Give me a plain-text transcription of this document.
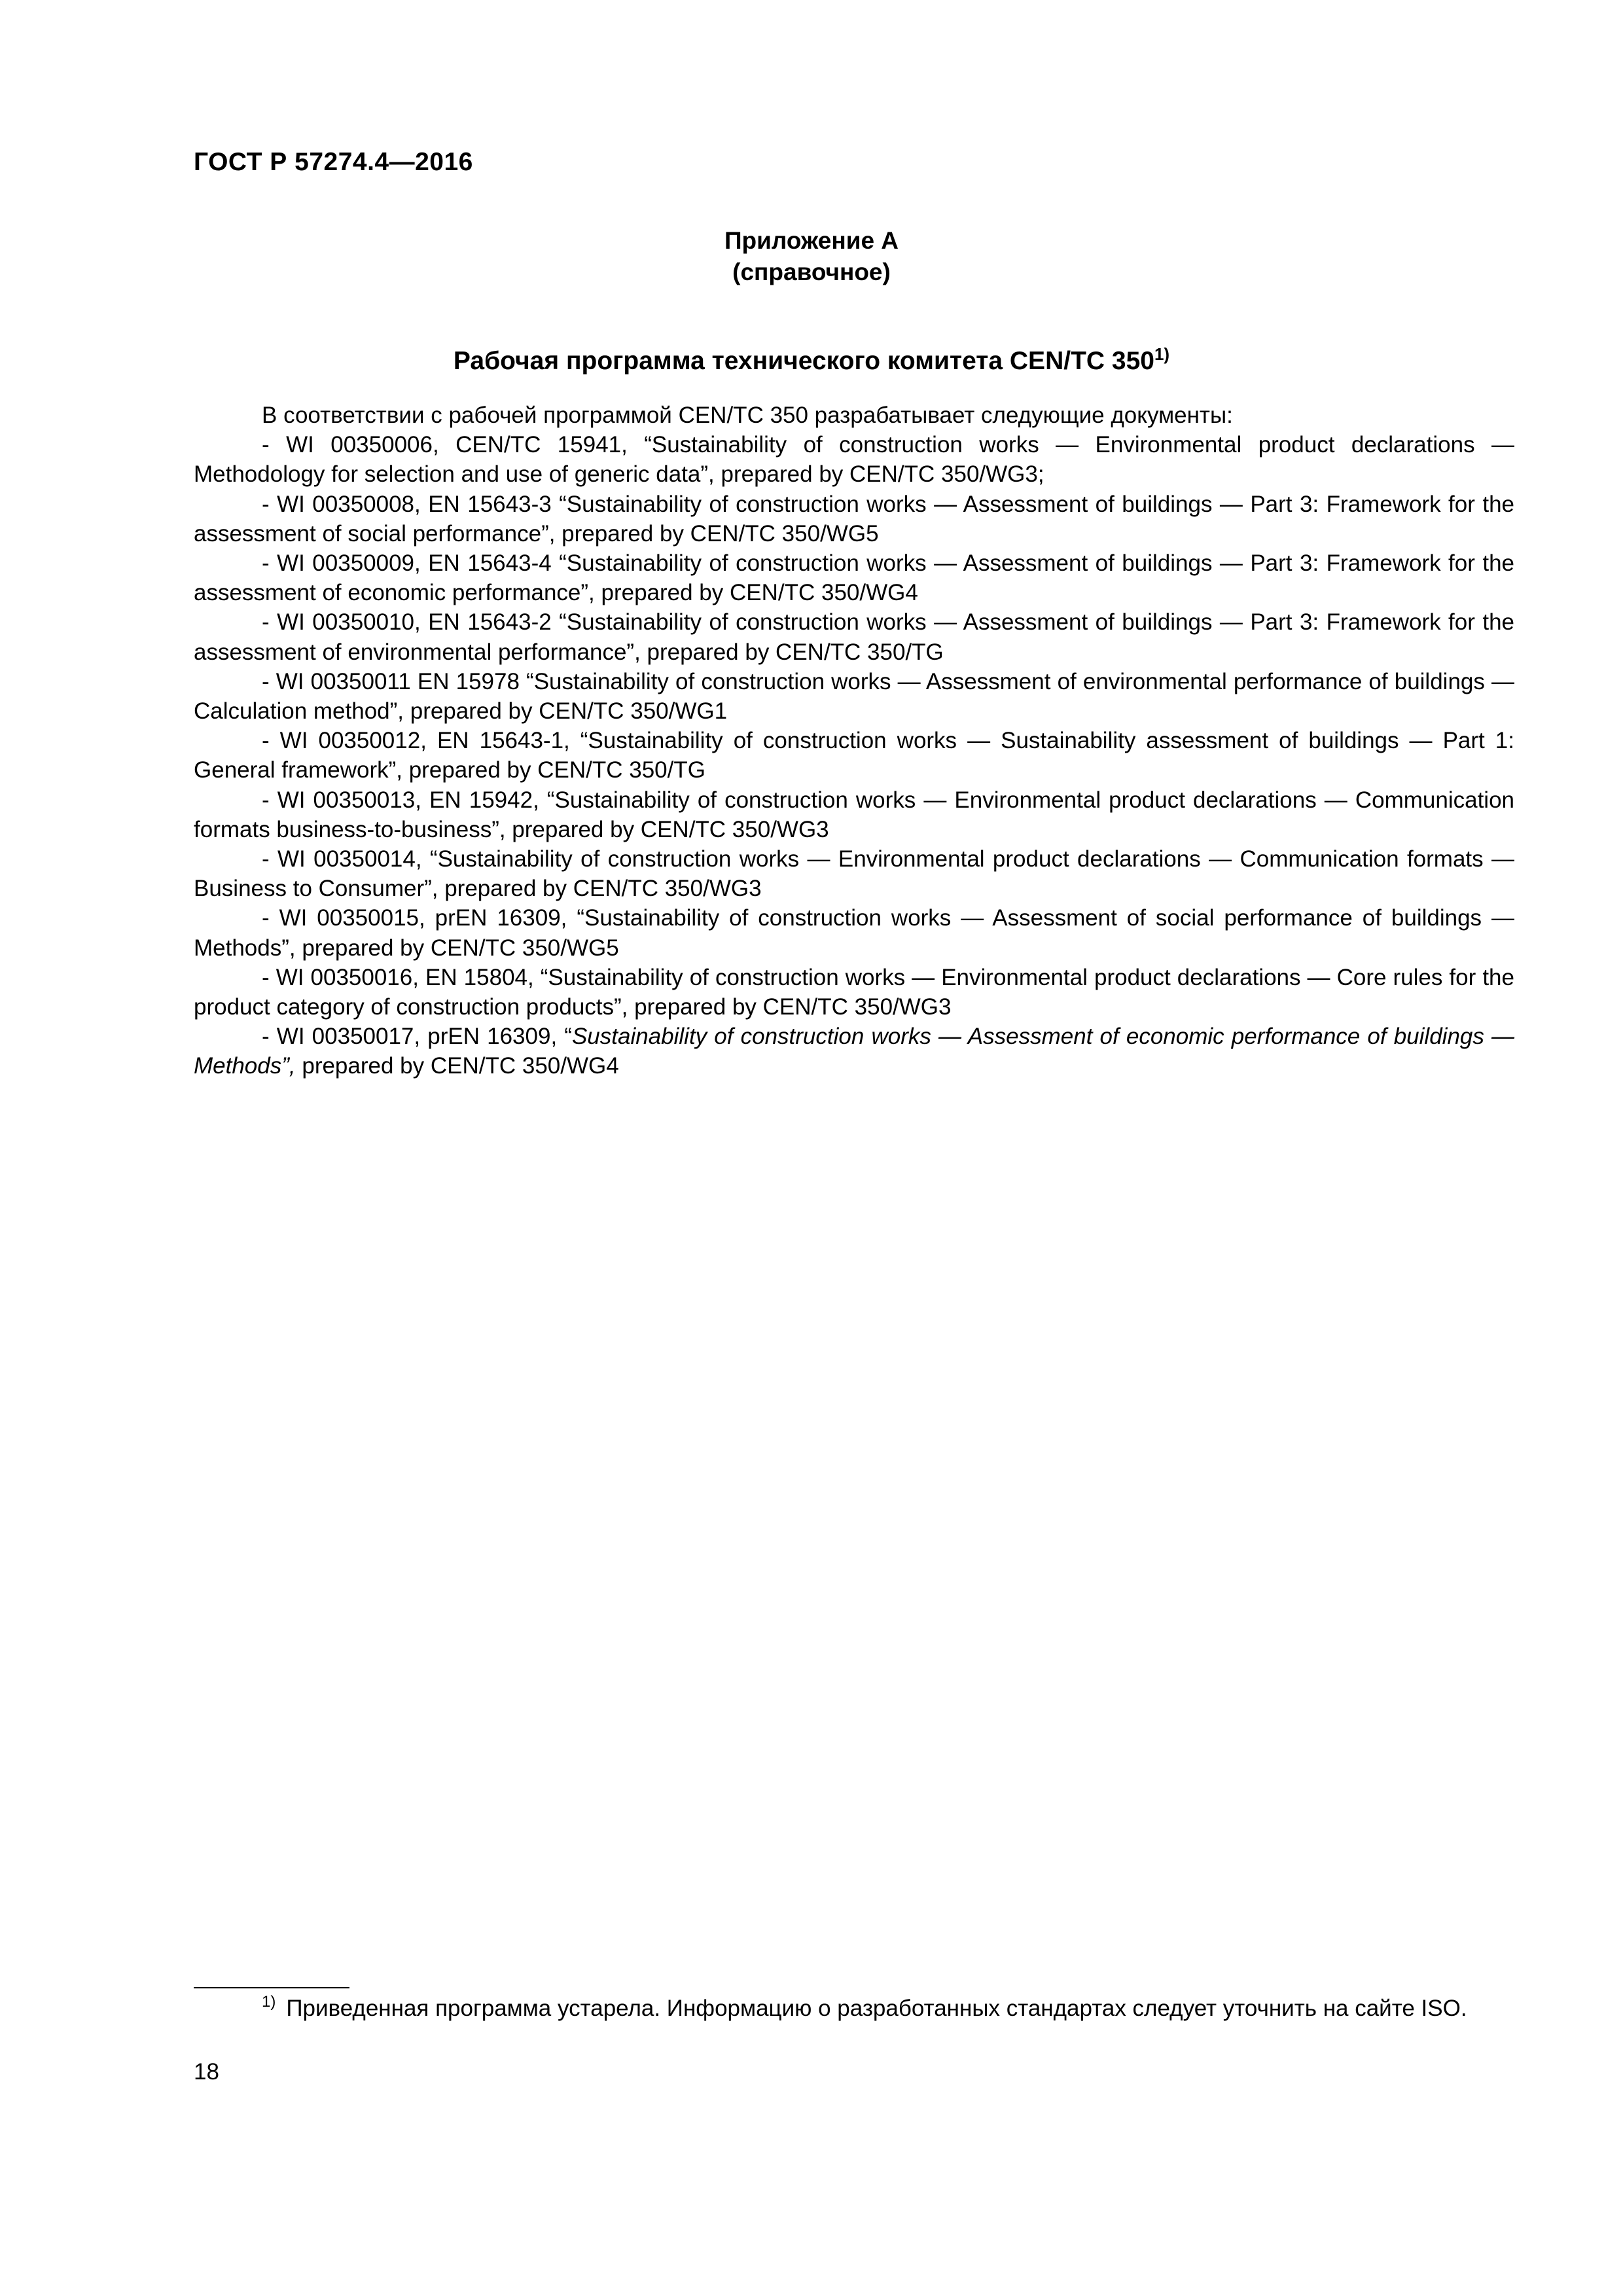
ГОСТ Р 57274.4—2016
Приложение А
(справочное)
Рабочая программа технического комитета CEN/TC 350$^{1)}$

В соответствии с рабочей программой CEN/TC 350 разрабатывает следующие документы:

- WI 00350006, CEN/TC 15941, “Sustainability of construction works — Environmental product declarations — Methodology for selection and use of generic data”, prepared by CEN/TC 350/WG3;

- WI 00350008, EN 15643-3 “Sustainability of construction works — Assessment of buildings — Part 3: Framework for the assessment of social performance”, prepared by CEN/TC 350/WG5

- WI 00350009, EN 15643-4 “Sustainability of construction works — Assessment of buildings — Part 3: Framework for the assessment of economic performance”, prepared by CEN/TC 350/WG4

- WI 00350010, EN 15643-2 “Sustainability of construction works — Assessment of buildings — Part 3: Framework for the assessment of environmental performance”, prepared by CEN/TC 350/TG

- WI 00350011 EN 15978 “Sustainability of construction works — Assessment of environmental performance of buildings — Calculation method”, prepared by CEN/TC 350/WG1

- WI 00350012, EN 15643-1, “Sustainability of construction works — Sustainability assessment of buildings — Part 1: General framework”, prepared by CEN/TC 350/TG

- WI 00350013, EN 15942, “Sustainability of construction works — Environmental product declarations — Communication formats business-to-business”, prepared by CEN/TC 350/WG3

- WI 00350014, “Sustainability of construction works — Environmental product declarations — Communication formats — Business to Consumer”, prepared by CEN/TC 350/WG3

- WI 00350015, prEN 16309, “Sustainability of construction works — Assessment of social performance of buildings — Methods”, prepared by CEN/TC 350/WG5

- WI 00350016, EN 15804, “Sustainability of construction works — Environmental product declarations — Core rules for the product category of construction products”, prepared by CEN/TC 350/WG3

- WI 00350017, prEN 16309, “Sustainability of construction works — Assessment of economic performance of buildings — Methods”, prepared by CEN/TC 350/WG4

$^{1)}$ Приведенная программа устарела. Информацию о разработанных стандартах следует уточнить на сайте ISO.

18
